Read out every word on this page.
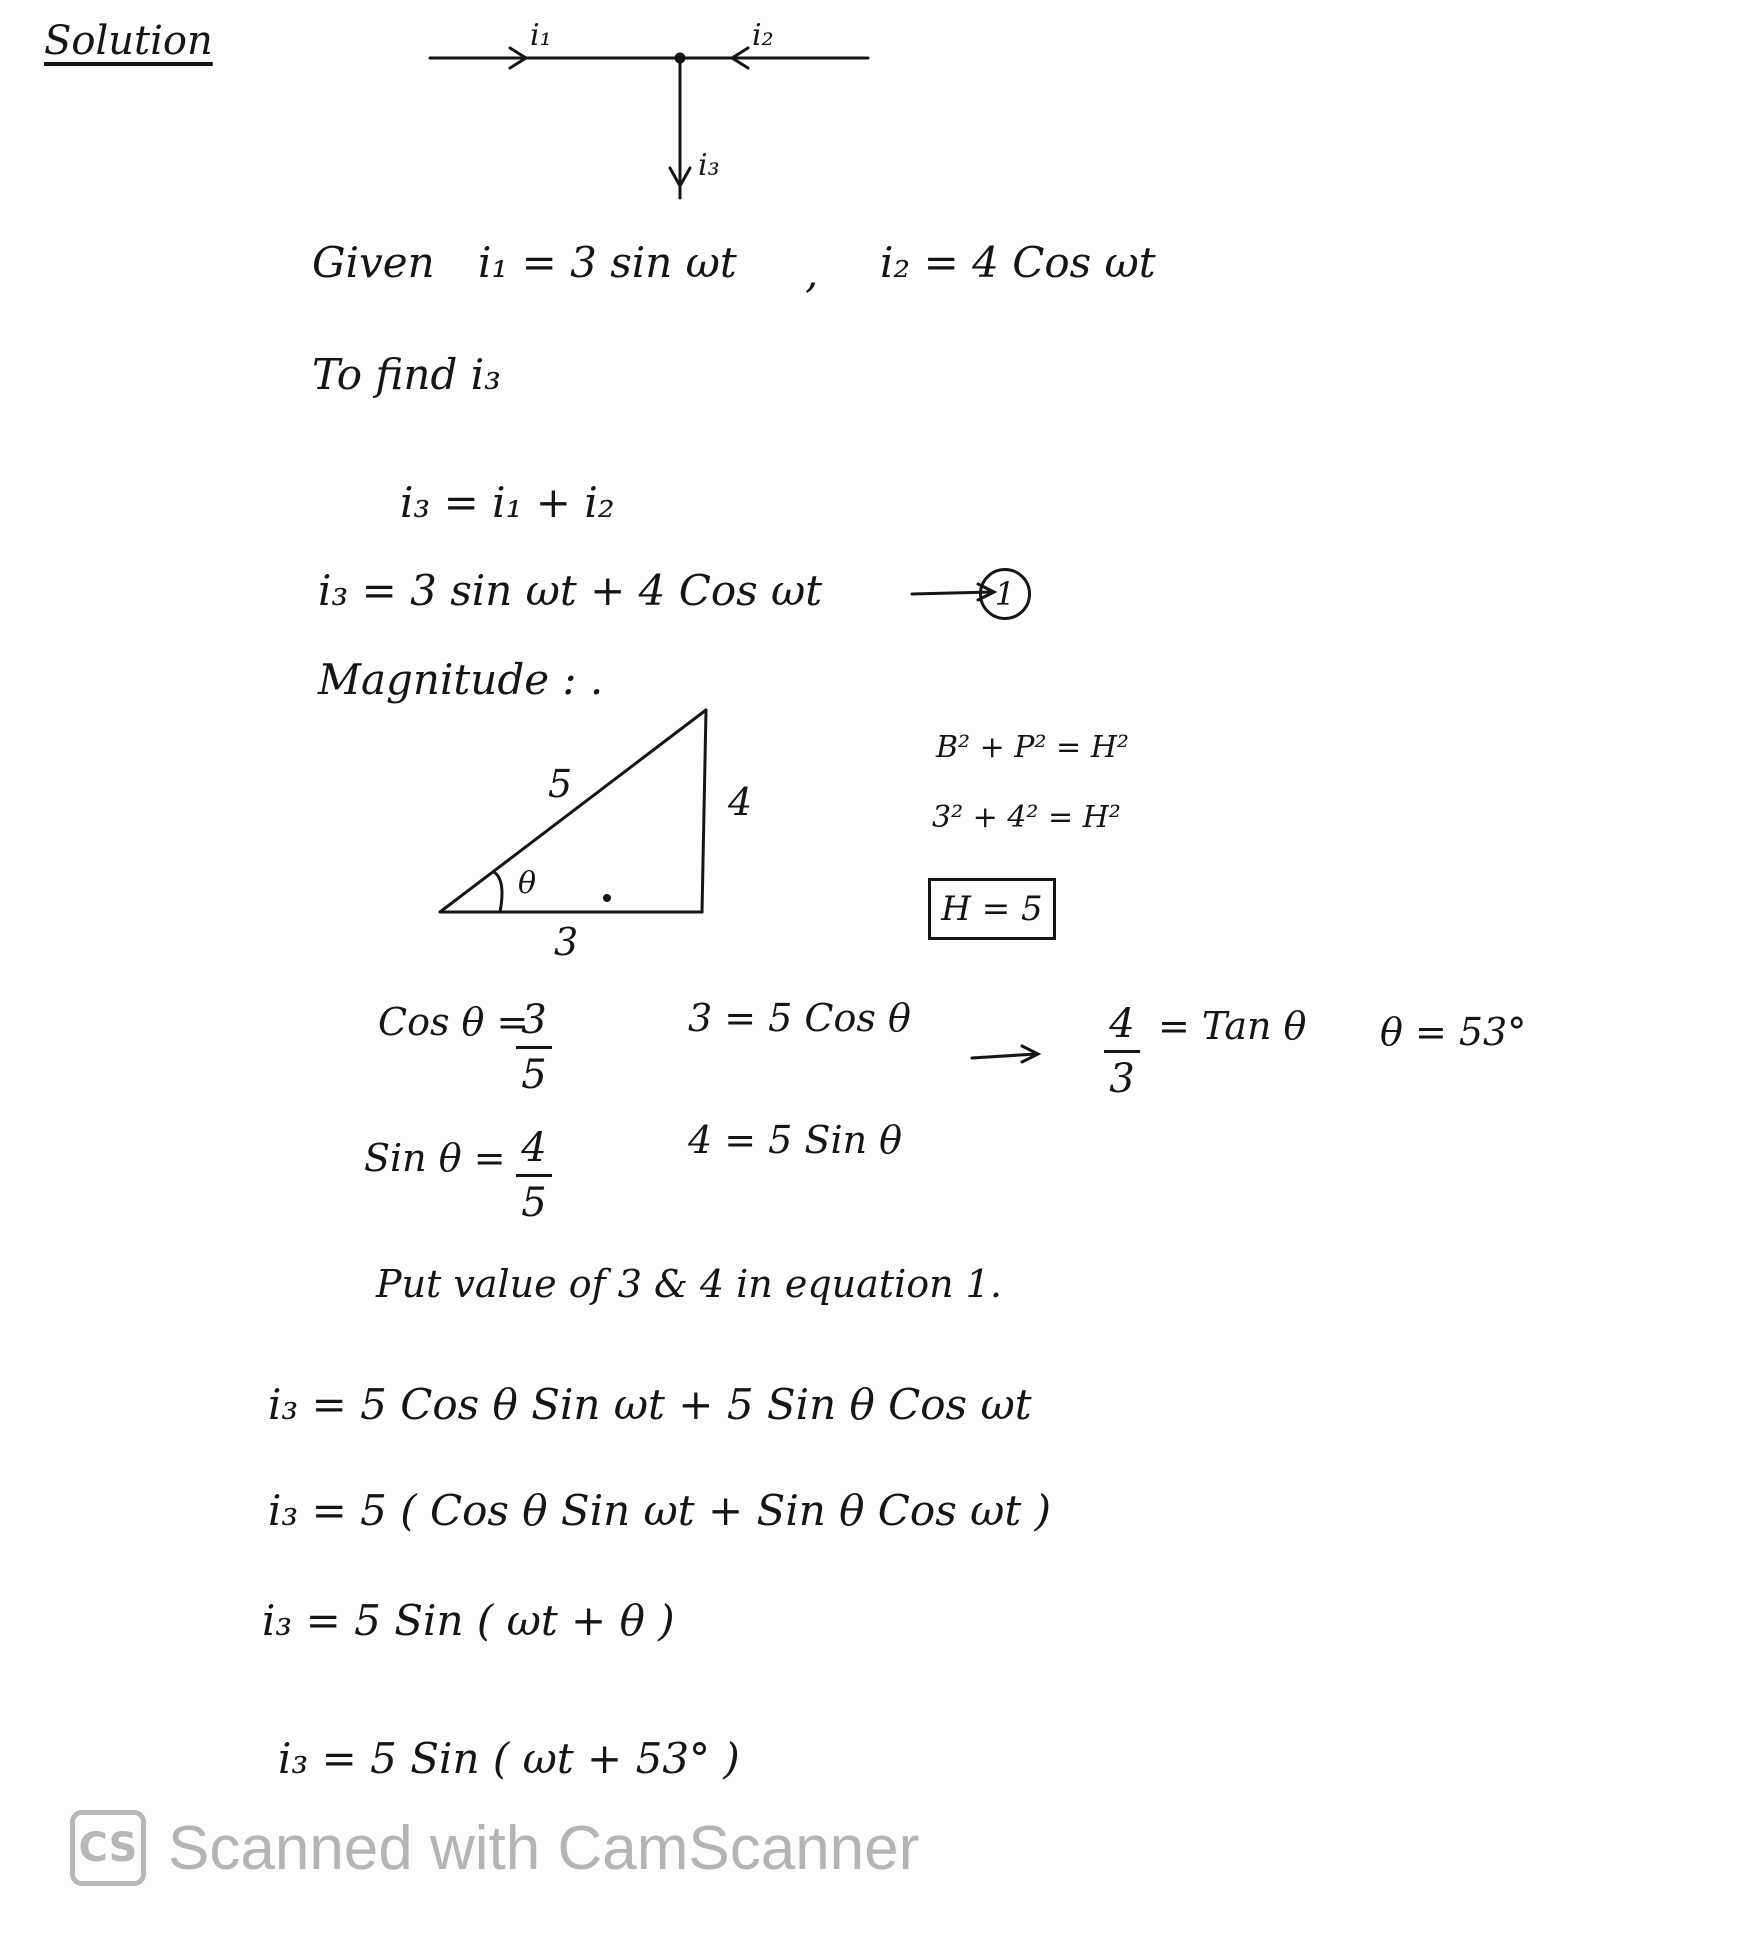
Solution	i₁	i₂
i₃
Given i₁ = 3 sin ωt , i₂ = 4 Cos ωt
To find i₃
i₃ = i₁ + i₂
i₃ = 3 sin ωt + 4 Cos ωt	1
Magnitude : .
5	4
3
θ
B² + P² = H²
3² + 4² = H²
H = 5
Cos θ =
3
5
3 = 5 Cos θ	4
3
= Tan θ θ = 53°
Sin θ = 4
5
4 = 5 Sin θ
Put value of 3 & 4 in equation 1.
i₃ = 5 Cos θ Sin ωt + 5 Sin θ Cos ωt
i₃ = 5 ( Cos θ Sin ωt + Sin θ Cos ωt )
i₃ = 5 Sin ( ωt + θ )
i₃ = 5 Sin ( ωt + 53° )
CS Scanned with CamScanner
